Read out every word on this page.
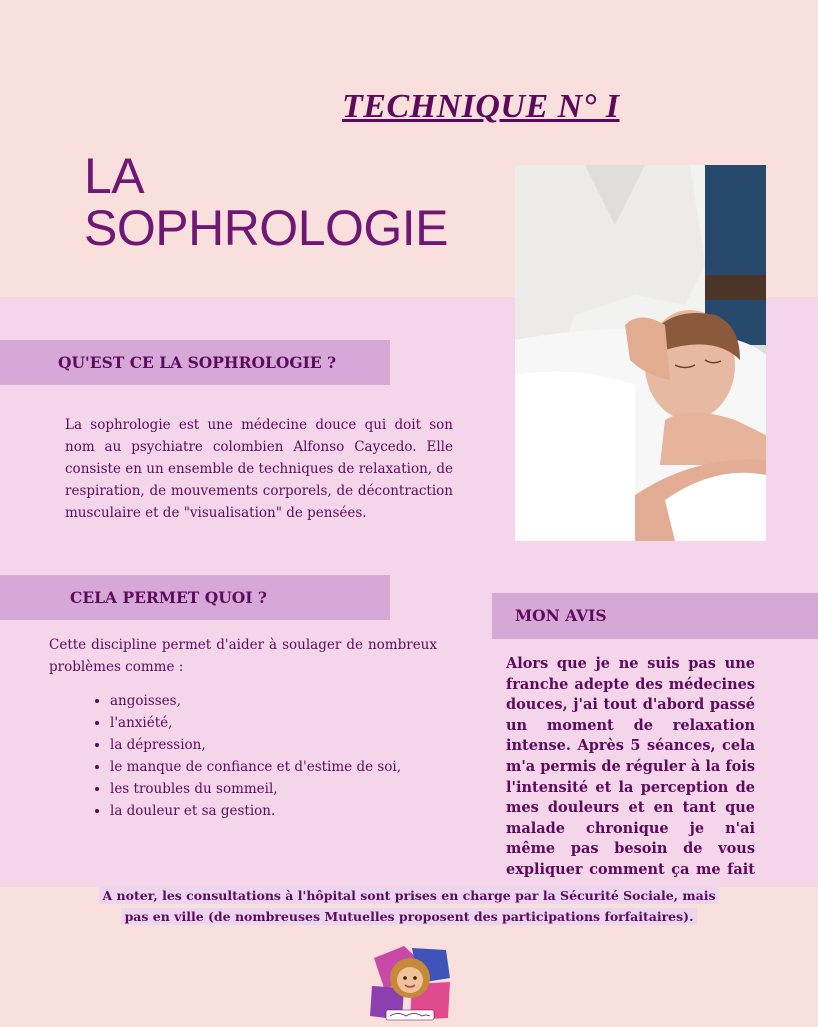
TECHNIQUE N° I
LA
SOPHROLOGIE
QU'EST CE LA SOPHROLOGIE ?
La sophrologie est une médecine douce qui doit son nom au psychiatre colombien Alfonso Caycedo. Elle consiste en un ensemble de techniques de relaxation, de respiration, de mouvements corporels, de décontraction musculaire et de "visualisation" de pensées.
CELA PERMET QUOI ?
Cette discipline permet d'aider à soulager de nombreux problèmes comme :
• angoisses,
• l'anxiété,
• la dépression,
• le manque de confiance et d'estime de soi,
• les troubles du sommeil,
• la douleur et sa gestion.
MON AVIS
Alors que je ne suis pas une franche adepte des médecines douces, j'ai tout d'abord passé un moment de relaxation intense. Après 5 séances, cela m'a permis de réguler à la fois l'intensité et la perception de mes douleurs et en tant que malade chronique je n'ai même pas besoin de vous expliquer comment ça me fait
A noter, les consultations à l'hôpital sont prises en charge par la Sécurité Sociale, mais
pas en ville (de nombreuses Mutuelles proposent des participations forfaitaires).
